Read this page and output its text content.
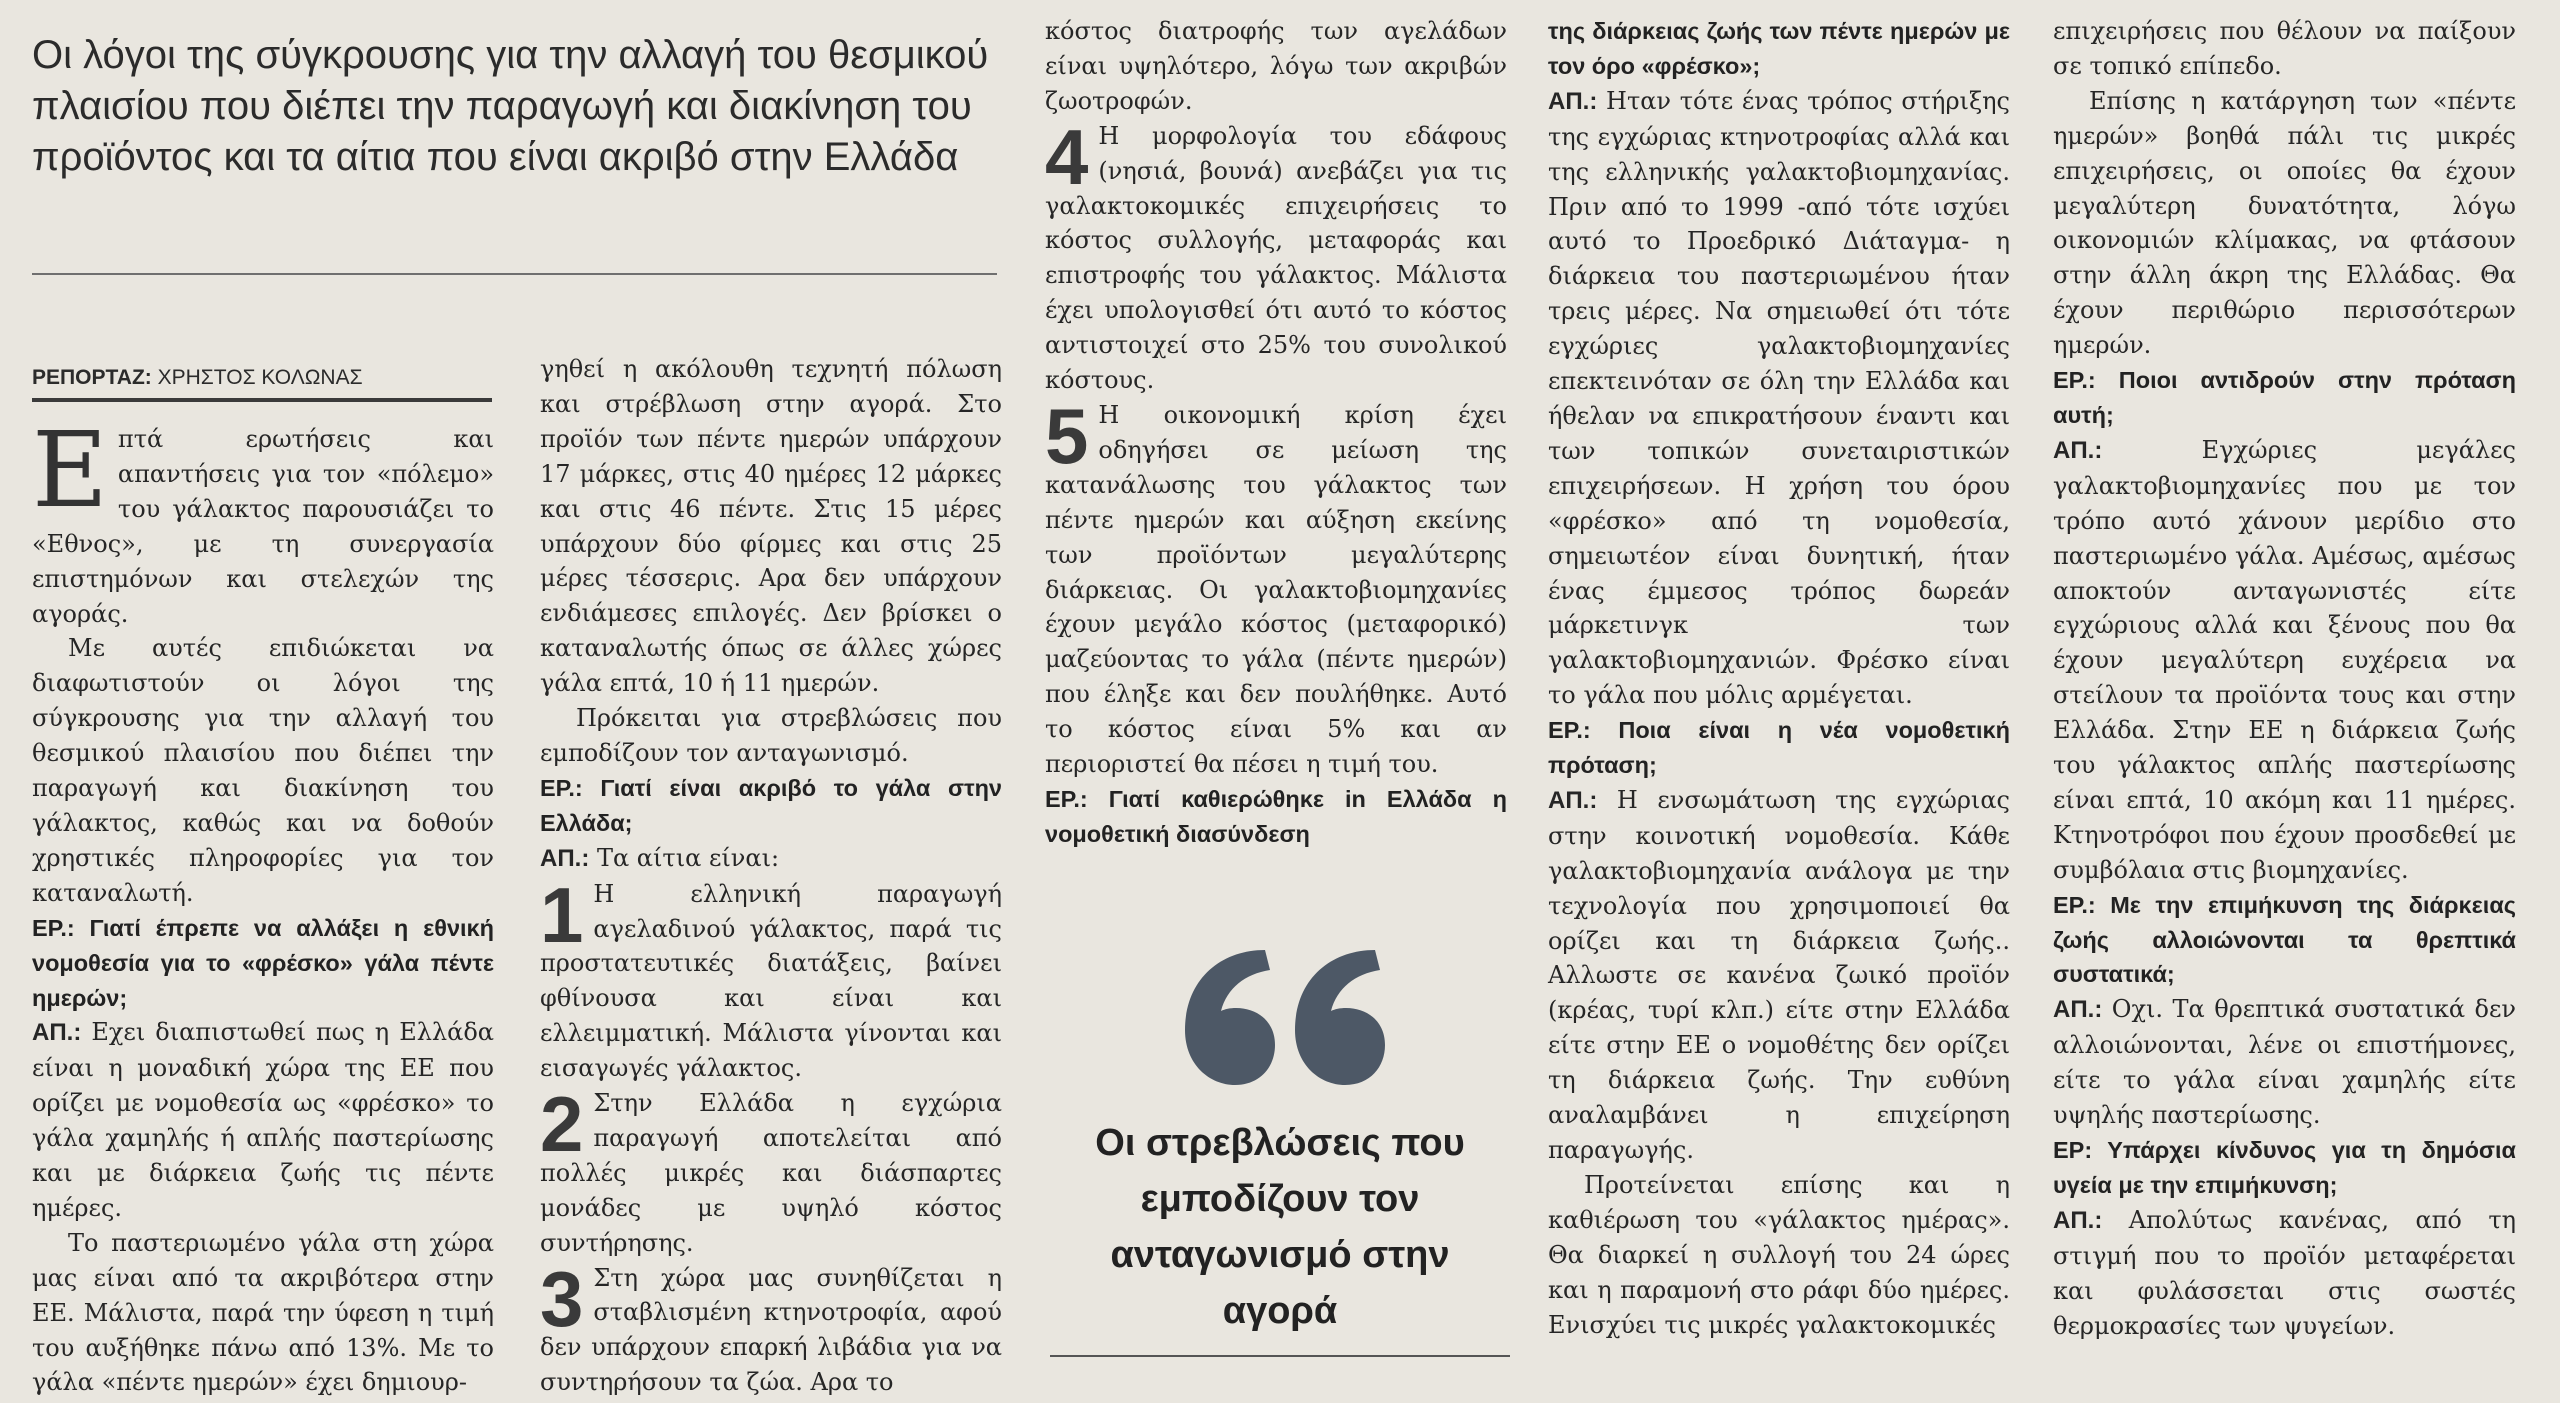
Οι λόγοι της σύγκρουσης για την αλλαγή του θεσμικού πλαισίου που διέπει την παραγωγή και διακίνηση του προϊόντος και τα αίτια που είναι ακριβό στην Ελλάδα
ΡΕΠΟΡΤΑΖ: ΧΡΗΣΤΟΣ ΚΟΛΩΝΑΣ

Επτά ερωτήσεις και απαντήσεις για τον «πόλεμο» του γάλακτος παρουσιάζει το «Εθνος», με τη συνεργασία επιστημόνων και στελεχών της αγοράς.

Με αυτές επιδιώκεται να διαφωτιστούν οι λόγοι της σύγκρουσης για την αλλαγή του θεσμικού πλαισίου που διέπει την παραγωγή και διακίνηση του γάλακτος, καθώς και να δοθούν χρηστικές πληροφορίες για τον καταναλωτή.

ΕΡ.: Γιατί έπρεπε να αλλάξει η εθνική νομοθεσία για το «φρέσκο» γάλα πέντε ημερών;

ΑΠ.: Εχει διαπιστωθεί πως η Ελλάδα είναι η μοναδική χώρα της ΕΕ που ορίζει με νομοθεσία ως «φρέσκο» το γάλα χαμηλής ή απλής παστερίωσης και με διάρκεια ζωής τις πέντε ημέρες.

Το παστεριωμένο γάλα στη χώρα μας είναι από τα ακριβότερα στην ΕΕ. Μάλιστα, παρά την ύφεση η τιμή του αυξήθηκε πάνω από 13%. Με το γάλα «πέντε ημερών» έχει δημιουρ-

γηθεί η ακόλουθη τεχνητή πόλωση και στρέβλωση στην αγορά. Στο προϊόν των πέντε ημερών υπάρχουν 17 μάρκες, στις 40 ημέρες 12 μάρκες και στις 46 πέντε. Στις 15 μέρες υπάρχουν δύο φίρμες και στις 25 μέρες τέσσερις. Αρα δεν υπάρχουν ενδιάμεσες επιλογές. Δεν βρίσκει ο καταναλωτής όπως σε άλλες χώρες γάλα επτά, 10 ή 11 ημερών.

Πρόκειται για στρεβλώσεις που εμποδίζουν τον ανταγωνισμό.

ΕΡ.: Γιατί είναι ακριβό το γάλα στην Ελλάδα;

ΑΠ.: Τα αίτια είναι:

1 Η ελληνική παραγωγή αγελαδινού γάλακτος, παρά τις προστατευτικές διατάξεις, βαίνει φθίνουσα και είναι και ελλειμματική. Μάλιστα γίνονται και εισαγωγές γάλακτος.

2 Στην Ελλάδα η εγχώρια παραγωγή αποτελείται από πολλές μικρές και διάσπαρτες μονάδες με υψηλό κόστος συντήρησης.

3 Στη χώρα μας συνηθίζεται η σταβλισμένη κτηνοτροφία, αφού δεν υπάρχουν επαρκή λιβάδια για να συντηρήσουν τα ζώα. Αρα το

κόστος διατροφής των αγελάδων είναι υψηλότερο, λόγω των ακριβών ζωοτροφών.

4 Η μορφολογία του εδάφους (νησιά, βουνά) ανεβάζει για τις γαλακτοκομικές επιχειρήσεις το κόστος συλλογής, μεταφοράς και επιστροφής του γάλακτος. Μάλιστα έχει υπολογισθεί ότι αυτό το κόστος αντιστοιχεί στο 25% του συνολικού κόστους.

5 Η οικονομική κρίση έχει οδηγήσει σε μείωση της κατανάλωσης του γάλακτος των πέντε ημερών και αύξηση εκείνης των προϊόντων μεγαλύτερης διάρκειας. Οι γαλακτοβιομηχανίες έχουν μεγάλο κόστος (μεταφορικό) μαζεύοντας το γάλα (πέντε ημερών) που έληξε και δεν πουλήθηκε. Αυτό το κόστος είναι 5% και αν περιοριστεί θα πέσει η τιμή του.

ΕΡ.: Γιατί καθιερώθηκε in Ελλάδα η νομοθετική διασύνδεση

Οι στρεβλώσεις που εμποδίζουν τον ανταγωνισμό στην αγορά

της διάρκειας ζωής των πέντε ημερών με τον όρο «φρέσκο»;

ΑΠ.: Ηταν τότε ένας τρόπος στήριξης της εγχώριας κτηνοτροφίας αλλά και της ελληνικής γαλακτοβιομηχανίας. Πριν από το 1999 -από τότε ισχύει αυτό το Προεδρικό Διάταγμα- η διάρκεια του παστεριωμένου ήταν τρεις μέρες. Να σημειωθεί ότι τότε εγχώριες γαλακτοβιομηχανίες επεκτεινόταν σε όλη την Ελλάδα και ήθελαν να επικρατήσουν έναντι και των τοπικών συνεταιριστικών επιχειρήσεων. Η χρήση του όρου «φρέσκο» από τη νομοθεσία, σημειωτέον είναι δυνητική, ήταν ένας έμμεσος τρόπος δωρεάν μάρκετινγκ των γαλακτοβιομηχανιών. Φρέσκο είναι το γάλα που μόλις αρμέγεται.

ΕΡ.: Ποια είναι η νέα νομοθετική πρόταση;

ΑΠ.: Η ενσωμάτωση της εγχώριας στην κοινοτική νομοθεσία. Κάθε γαλακτοβιομηχανία ανάλογα με την τεχνολογία που χρησιμοποιεί θα ορίζει και τη διάρκεια ζωής.. Αλλωστε σε κανένα ζωικό προϊόν (κρέας, τυρί κλπ.) είτε στην Ελλάδα είτε στην ΕΕ ο νομοθέτης δεν ορίζει τη διάρκεια ζωής. Την ευθύνη αναλαμβάνει η επιχείρηση παραγωγής.

Προτείνεται επίσης και η καθιέρωση του «γάλακτος ημέρας». Θα διαρκεί η συλλογή του 24 ώρες και η παραμονή στο ράφι δύο ημέρες. Ενισχύει τις μικρές γαλακτοκομικές

επιχειρήσεις που θέλουν να παίξουν σε τοπικό επίπεδο.

Επίσης η κατάργηση των «πέντε ημερών» βοηθά πάλι τις μικρές επιχειρήσεις, οι οποίες θα έχουν μεγαλύτερη δυνατότητα, λόγω οικονομιών κλίμακας, να φτάσουν στην άλλη άκρη της Ελλάδας. Θα έχουν περιθώριο περισσότερων ημερών.

ΕΡ.: Ποιοι αντιδρούν στην πρόταση αυτή;

ΑΠ.: Εγχώριες μεγάλες γαλακτοβιομηχανίες που με τον τρόπο αυτό χάνουν μερίδιο στο παστεριωμένο γάλα. Αμέσως, αμέσως αποκτούν ανταγωνιστές είτε εγχώριους αλλά και ξένους που θα έχουν μεγαλύτερη ευχέρεια να στείλουν τα προϊόντα τους και στην Ελλάδα. Στην ΕΕ η διάρκεια ζωής του γάλακτος απλής παστερίωσης είναι επτά, 10 ακόμη και 11 ημέρες. Κτηνοτρόφοι που έχουν προσδεθεί με συμβόλαια στις βιομηχανίες.

ΕΡ.: Με την επιμήκυνση της διάρκειας ζωής αλλοιώνονται τα θρεπτικά συστατικά;

ΑΠ.: Οχι. Τα θρεπτικά συστατικά δεν αλλοιώνονται, λένε οι επιστήμονες, είτε το γάλα είναι χαμηλής είτε υψηλής παστερίωσης.

ΕΡ: Υπάρχει κίνδυνος για τη δημόσια υγεία με την επιμήκυνση;

ΑΠ.: Απολύτως κανένας, από τη στιγμή που το προϊόν μεταφέρεται και φυλάσσεται στις σωστές θερμοκρασίες των ψυγείων.
